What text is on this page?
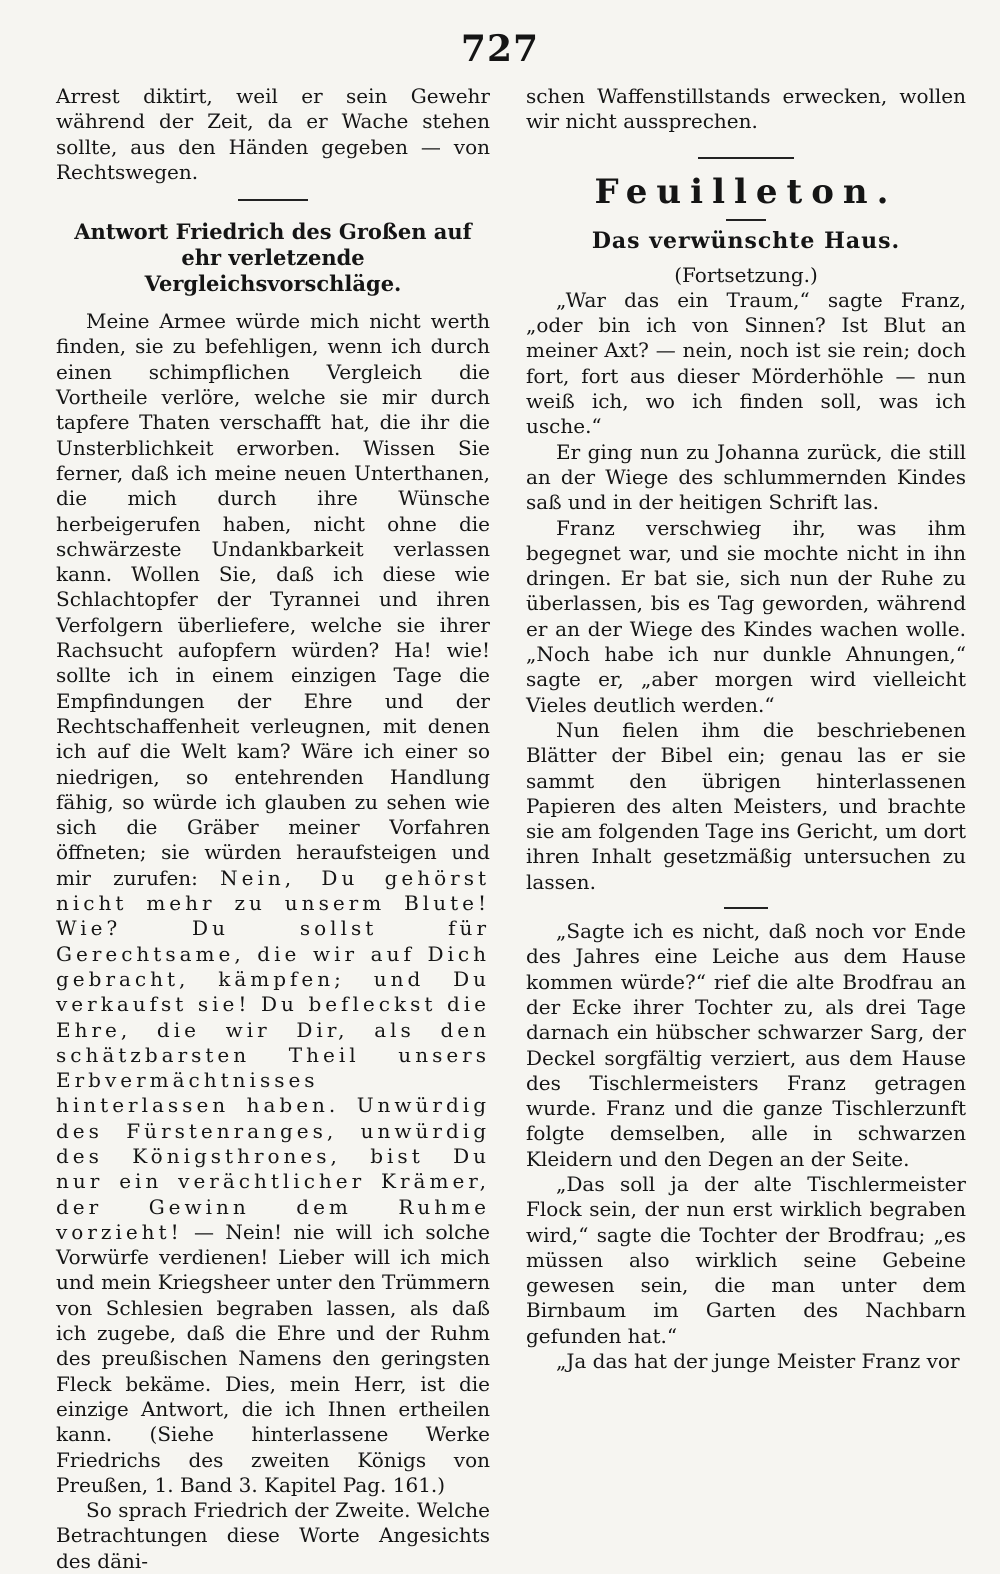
727

Arrest diktirt, weil er sein Gewehr während der Zeit, da er Wache stehen sollte, aus den Händen gegeben — von Rechtswegen.

Antwort Friedrich des Großen auf ehr verletzende Vergleichsvorschläge.

Meine Armee würde mich nicht werth finden, sie zu befehligen, wenn ich durch einen schimpflichen Vergleich die Vortheile verlöre, welche sie mir durch tapfere Thaten verschafft hat, die ihr die Unsterblichkeit erworben. Wissen Sie ferner, daß ich meine neuen Unterthanen, die mich durch ihre Wünsche herbeigerufen haben, nicht ohne die schwärzeste Undankbarkeit verlassen kann. Wollen Sie, daß ich diese wie Schlachtopfer der Tyrannei und ihren Verfolgern überliefere, welche sie ihrer Rachsucht aufopfern würden? Ha! wie! sollte ich in einem einzigen Tage die Empfindungen der Ehre und der Rechtschaffenheit verleugnen, mit denen ich auf die Welt kam? Wäre ich einer so niedrigen, so entehrenden Handlung fähig, so würde ich glauben zu sehen wie sich die Gräber meiner Vorfahren öffneten; sie würden heraufsteigen und mir zurufen: Nein, Du gehörst nicht mehr zu unserm Blute! Wie? Du sollst für Gerechtsame, die wir auf Dich gebracht, kämpfen; und Du verkaufst sie! Du befleckst die Ehre, die wir Dir, als den schätzbarsten Theil unsers Erbvermächtnisses hinterlassen haben. Unwürdig des Fürstenranges, unwürdig des Königsthrones, bist Du nur ein verächtlicher Krämer, der Gewinn dem Ruhme vorzieht! — Nein! nie will ich solche Vorwürfe verdienen! Lieber will ich mich und mein Kriegsheer unter den Trümmern von Schlesien begraben lassen, als daß ich zugebe, daß die Ehre und der Ruhm des preußischen Namens den geringsten Fleck bekäme. Dies, mein Herr, ist die einzige Antwort, die ich Ihnen ertheilen kann. (Siehe hinterlassene Werke Friedrichs des zweiten Königs von Preußen, 1. Band 3. Kapitel Pag. 161.)

So sprach Friedrich der Zweite. Welche Betrachtungen diese Worte Angesichts des däni-

schen Waffenstillstands erwecken, wollen wir nicht aussprechen.

Feuilleton.
Das verwünschte Haus.

(Fortsetzung.)

„War das ein Traum,“ sagte Franz, „oder bin ich von Sinnen? Ist Blut an meiner Axt? — nein, noch ist sie rein; doch fort, fort aus dieser Mörderhöhle — nun weiß ich, wo ich finden soll, was ich usche.“

Er ging nun zu Johanna zurück, die still an der Wiege des schlummernden Kindes saß und in der heitigen Schrift las.

Franz verschwieg ihr, was ihm begegnet war, und sie mochte nicht in ihn dringen. Er bat sie, sich nun der Ruhe zu überlassen, bis es Tag geworden, während er an der Wiege des Kindes wachen wolle. „Noch habe ich nur dunkle Ahnungen,“ sagte er, „aber morgen wird vielleicht Vieles deutlich werden.“

Nun fielen ihm die beschriebenen Blätter der Bibel ein; genau las er sie sammt den übrigen hinterlassenen Papieren des alten Meisters, und brachte sie am folgenden Tage ins Gericht, um dort ihren Inhalt gesetzmäßig untersuchen zu lassen.

„Sagte ich es nicht, daß noch vor Ende des Jahres eine Leiche aus dem Hause kommen würde?“ rief die alte Brodfrau an der Ecke ihrer Tochter zu, als drei Tage darnach ein hübscher schwarzer Sarg, der Deckel sorgfältig verziert, aus dem Hause des Tischlermeisters Franz getragen wurde. Franz und die ganze Tischlerzunft folgte demselben, alle in schwarzen Kleidern und den Degen an der Seite.

„Das soll ja der alte Tischlermeister Flock sein, der nun erst wirklich begraben wird,“ sagte die Tochter der Brodfrau; „es müssen also wirklich seine Gebeine gewesen sein, die man unter dem Birnbaum im Garten des Nachbarn gefunden hat.“

„Ja das hat der junge Meister Franz vor
